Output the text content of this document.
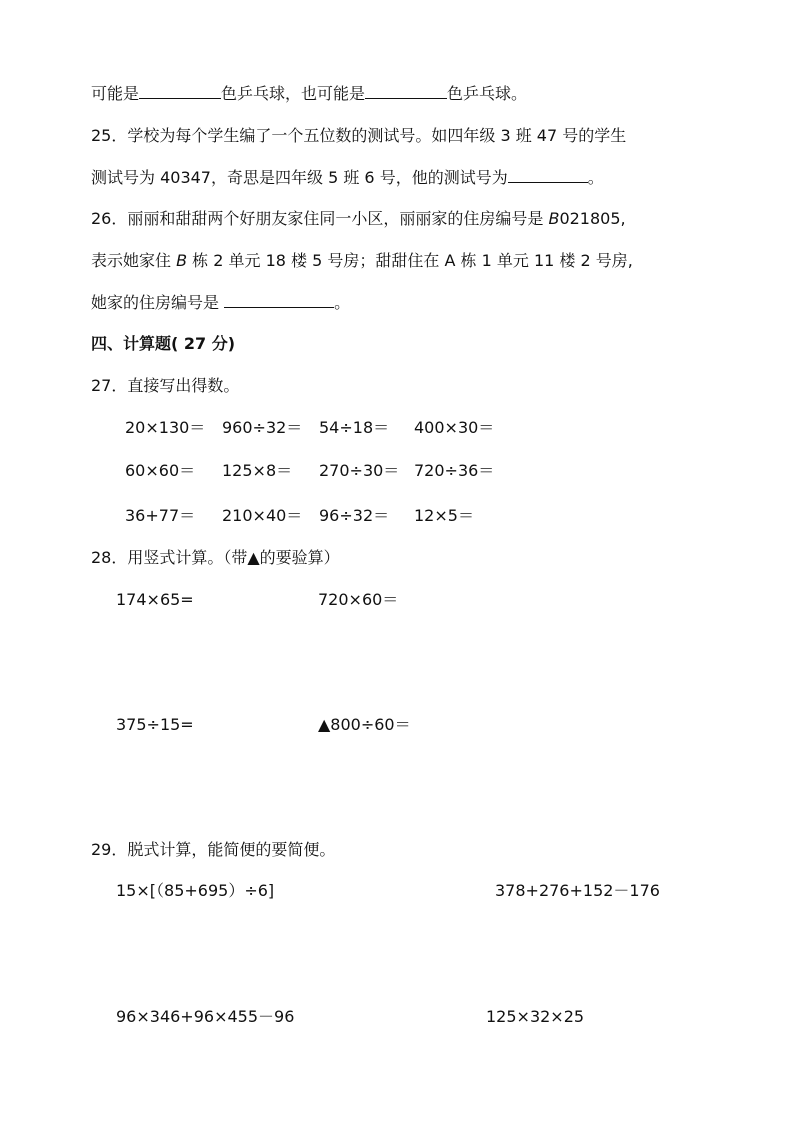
可能是	色乒乓球，也可能是	色乒乓球。
25．学校为每个学生编了一个五位数的测试号。如四年级 3 班 47 号的学生
测试号为 40347，奇思是四年级 5 班 6 号，他的测试号为	。
26．丽丽和甜甜两个好朋友家住同一小区，丽丽家的住房编号是 B021805,
表示她家住 B 栋 2 单元 18 楼 5 号房；甜甜住在 A 栋 1 单元 11 楼 2 号房,
她家的住房编号是	。
四、计算题( 27 分)
27．直接写出得数。
20×130＝ 960÷32＝ 54÷18＝ 400×30＝
60×60＝ 125×8＝ 270÷30＝ 720÷36＝
36+77＝ 210×40＝ 96÷32＝ 12×5＝
28．用竖式计算。（带▲的要验算）
174×65=	720×60＝
375÷15=	▲800÷60＝
29．脱式计算，能简便的要简便。
15×[（85+695）÷6]	378+276+152－176
96×346+96×455－96	125×32×25
